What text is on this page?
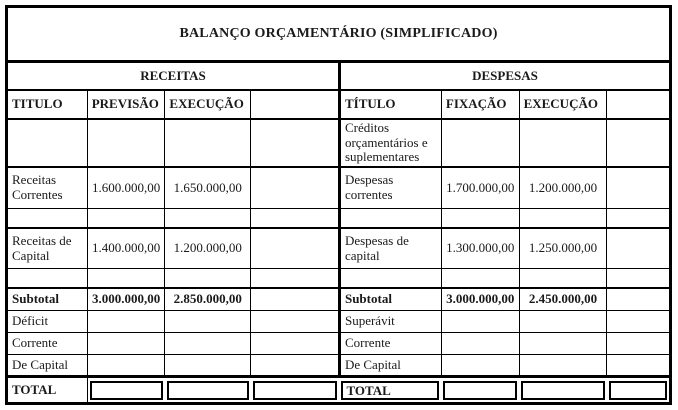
BALANÇO ORÇAMENTÁRIO (SIMPLIFICADO)							
RECEITAS				DESPESAS			
TITULO	PREVISÃO	EXECUÇÃO		TÍTULO	FIXAÇÃO	EXECUÇÃO	
				Créditos orçamentários e suplementares			
Receitas Correntes	1.600.000,00	1.650.000,00		Despesas correntes	1.700.000,00	1.200.000,00	

Receitas de Capital	1.400.000,00	1.200.000,00		Despesas de capital	1.300.000,00	1.250.000,00	

Subtotal	3.000.000,00	2.850.000,00		Subtotal	3.000.000,00	2.450.000,00	
Déficit				Superávit			
Corrente				Corrente			
De Capital				De Capital			
TOTAL				TOTAL			
